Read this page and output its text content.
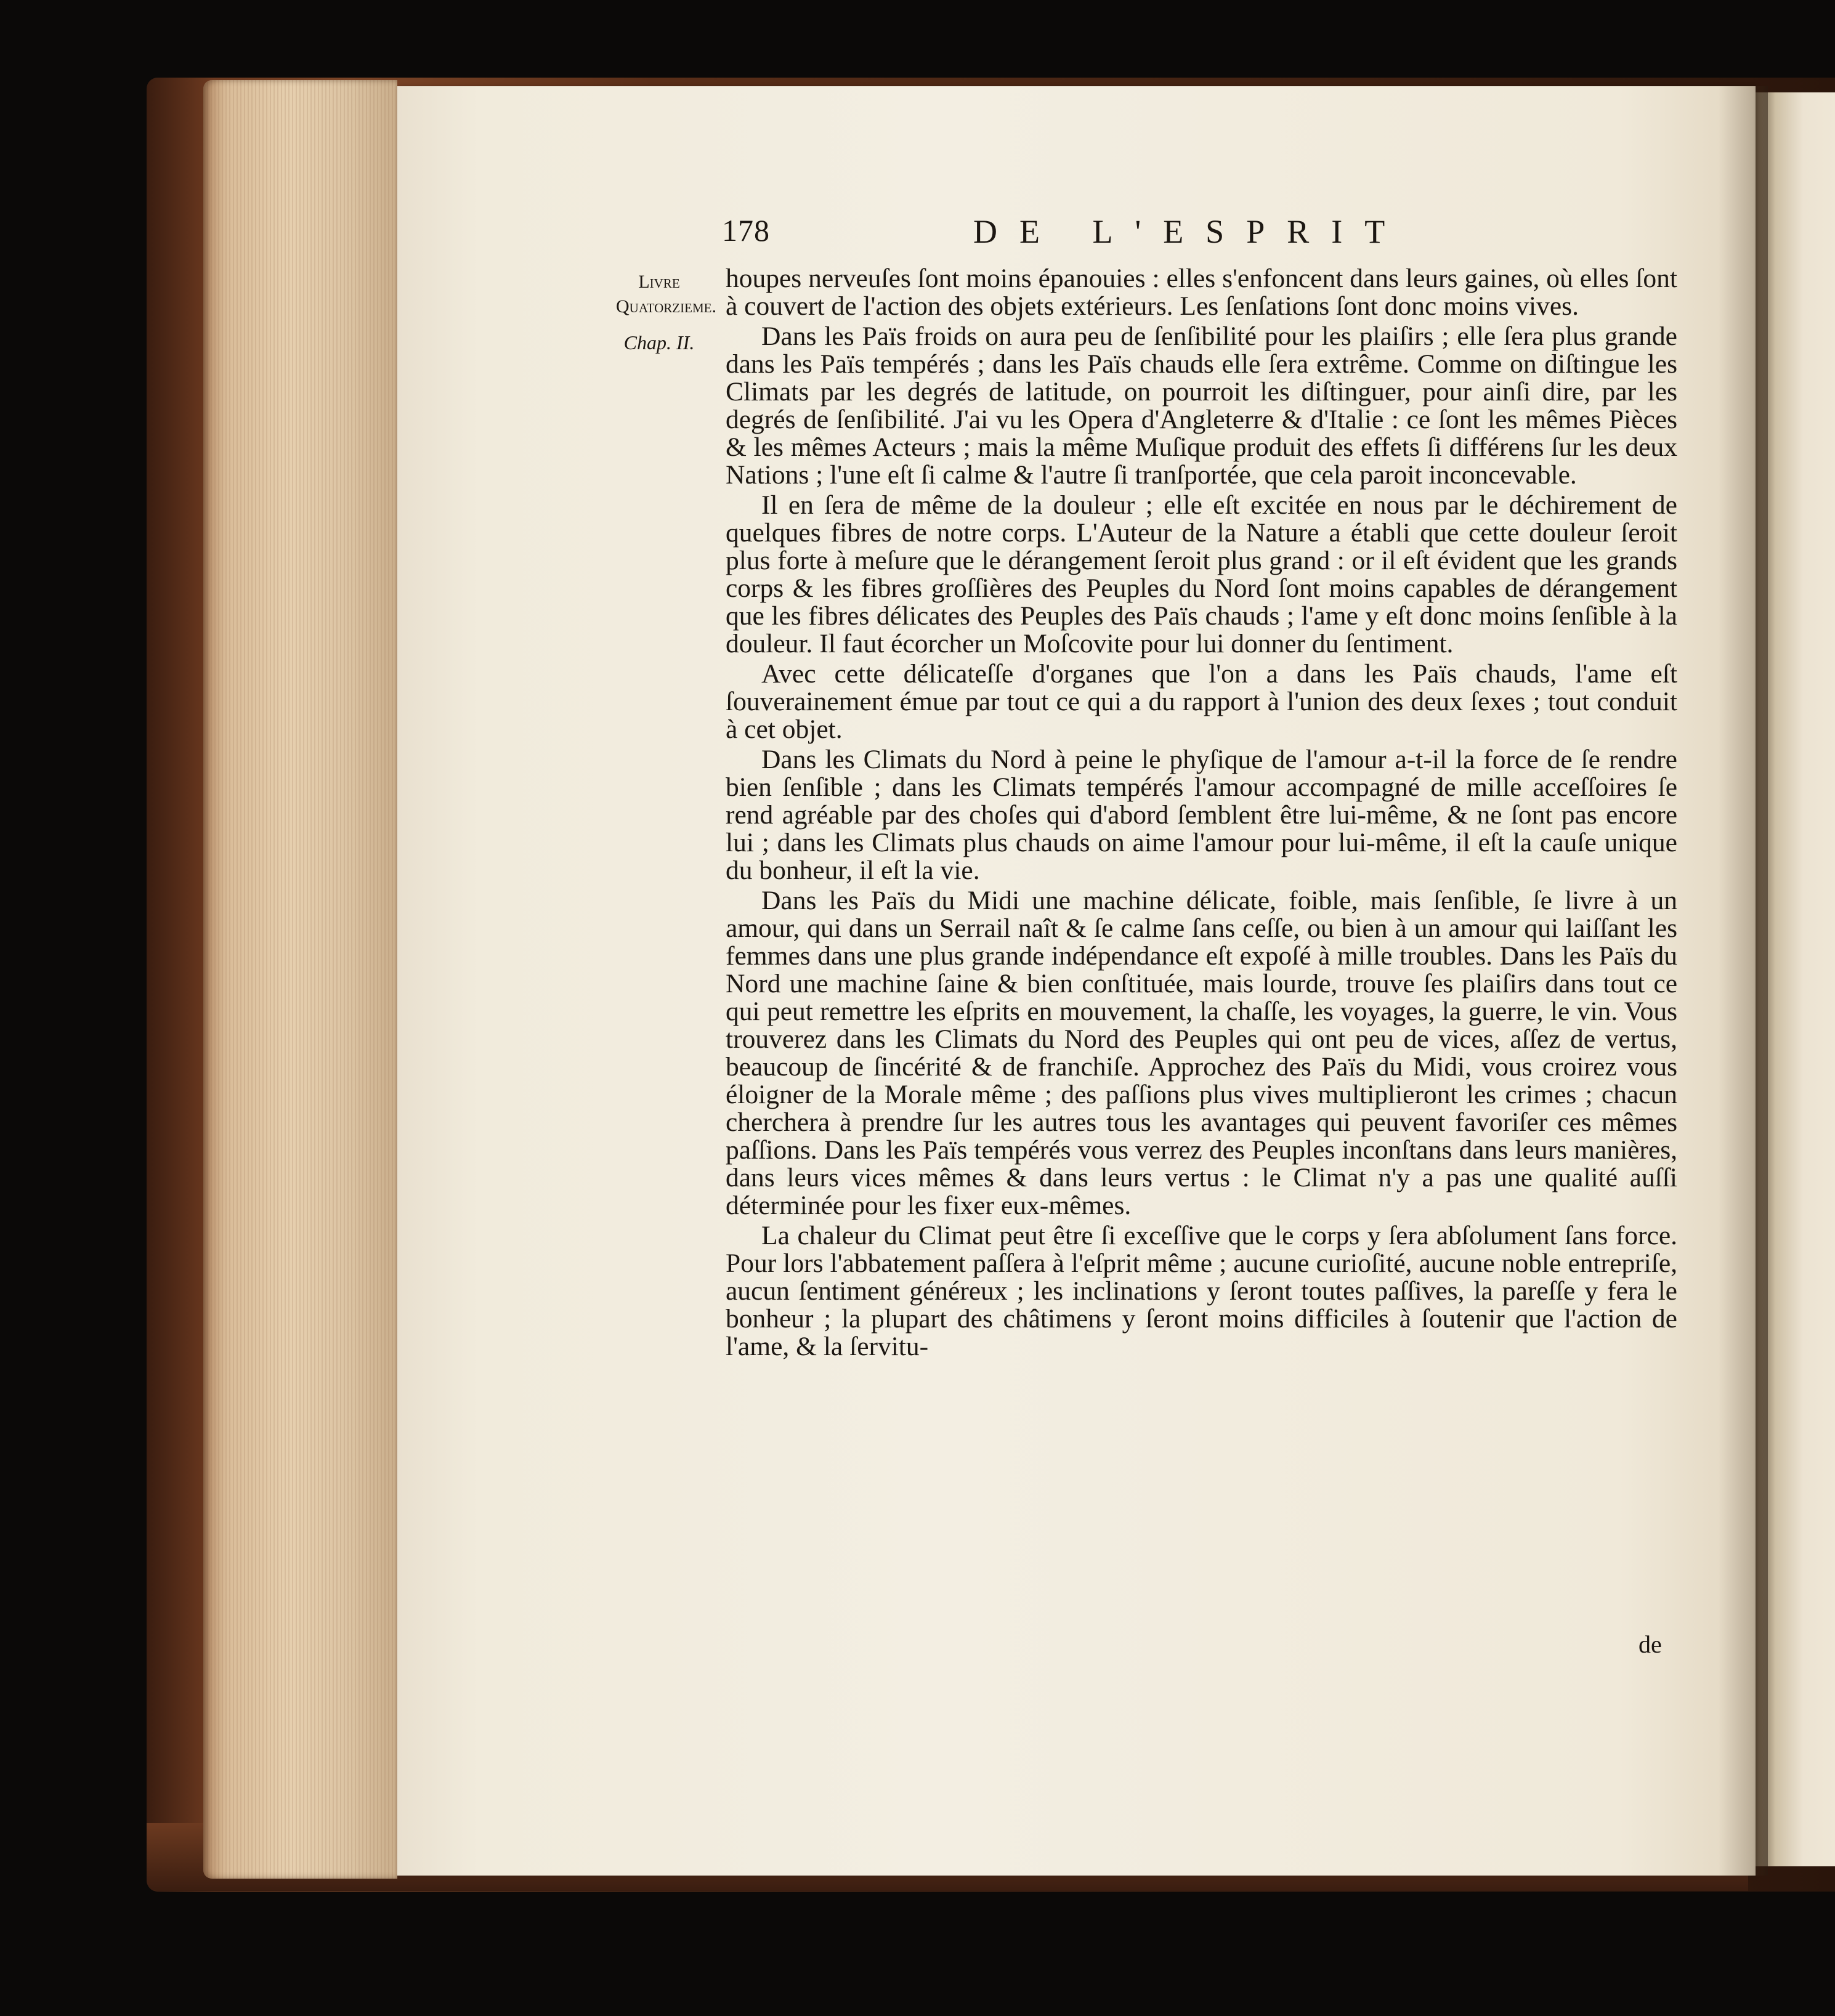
178	DE L'ESPRIT
Livre Quatorzieme.
Chap. II.

houpes nerveuſes ſont moins épanouies : elles s'enfoncent dans leurs gaines, où elles ſont à couvert de l'action des objets extérieurs. Les ſenſations ſont donc moins vives.

Dans les Païs froids on aura peu de ſenſibilité pour les plaiſirs ; elle ſera plus grande dans les Païs tempérés ; dans les Païs chauds elle ſera extrême. Comme on diſtingue les Climats par les degrés de latitude, on pourroit les diſtinguer, pour ainſi dire, par les degrés de ſenſibilité. J'ai vu les Opera d'Angleterre & d'Italie : ce ſont les mêmes Pièces & les mêmes Acteurs ; mais la même Muſique produit des effets ſi différens ſur les deux Nations ; l'une eſt ſi calme & l'autre ſi tranſportée, que cela paroit inconcevable.

Il en ſera de même de la douleur ; elle eſt excitée en nous par le déchirement de quelques fibres de notre corps. L'Auteur de la Nature a établi que cette douleur ſeroit plus forte à meſure que le dérangement ſeroit plus grand : or il eſt évident que les grands corps & les fibres groſſières des Peuples du Nord ſont moins capables de dérangement que les fibres délicates des Peuples des Païs chauds ; l'ame y eſt donc moins ſenſible à la douleur. Il faut écorcher un Moſcovite pour lui donner du ſentiment.

Avec cette délicateſſe d'organes que l'on a dans les Païs chauds, l'ame eſt ſouverainement émue par tout ce qui a du rapport à l'union des deux ſexes ; tout conduit à cet objet.

Dans les Climats du Nord à peine le phyſique de l'amour a-t-il la force de ſe rendre bien ſenſible ; dans les Climats tempérés l'amour accompagné de mille acceſſoires ſe rend agréable par des choſes qui d'abord ſemblent être lui-même, & ne ſont pas encore lui ; dans les Climats plus chauds on aime l'amour pour lui-même, il eſt la cauſe unique du bonheur, il eſt la vie.

Dans les Païs du Midi une machine délicate, foible, mais ſenſible, ſe livre à un amour, qui dans un Serrail naît & ſe calme ſans ceſſe, ou bien à un amour qui laiſſant les femmes dans une plus grande indépendance eſt expoſé à mille troubles. Dans les Païs du Nord une machine ſaine & bien conſtituée, mais lourde, trouve ſes plaiſirs dans tout ce qui peut remettre les eſprits en mouvement, la chaſſe, les voyages, la guerre, le vin. Vous trouverez dans les Climats du Nord des Peuples qui ont peu de vices, aſſez de vertus, beaucoup de ſincérité & de franchiſe. Approchez des Païs du Midi, vous croirez vous éloigner de la Morale même ; des paſſions plus vives multiplieront les crimes ; chacun cherchera à prendre ſur les autres tous les avantages qui peuvent favoriſer ces mêmes paſſions. Dans les Païs tempérés vous verrez des Peuples inconſtans dans leurs manières, dans leurs vices mêmes & dans leurs vertus : le Climat n'y a pas une qualité auſſi déterminée pour les fixer eux-mêmes.

La chaleur du Climat peut être ſi exceſſive que le corps y ſera abſolument ſans force. Pour lors l'abbatement paſſera à l'eſprit même ; aucune curioſité, aucune noble entrepriſe, aucun ſentiment généreux ; les inclinations y ſeront toutes paſſives, la pareſſe y fera le bonheur ; la plupart des châtimens y ſeront moins difficiles à ſoutenir que l'action de l'ame, & la ſervitu-

de
